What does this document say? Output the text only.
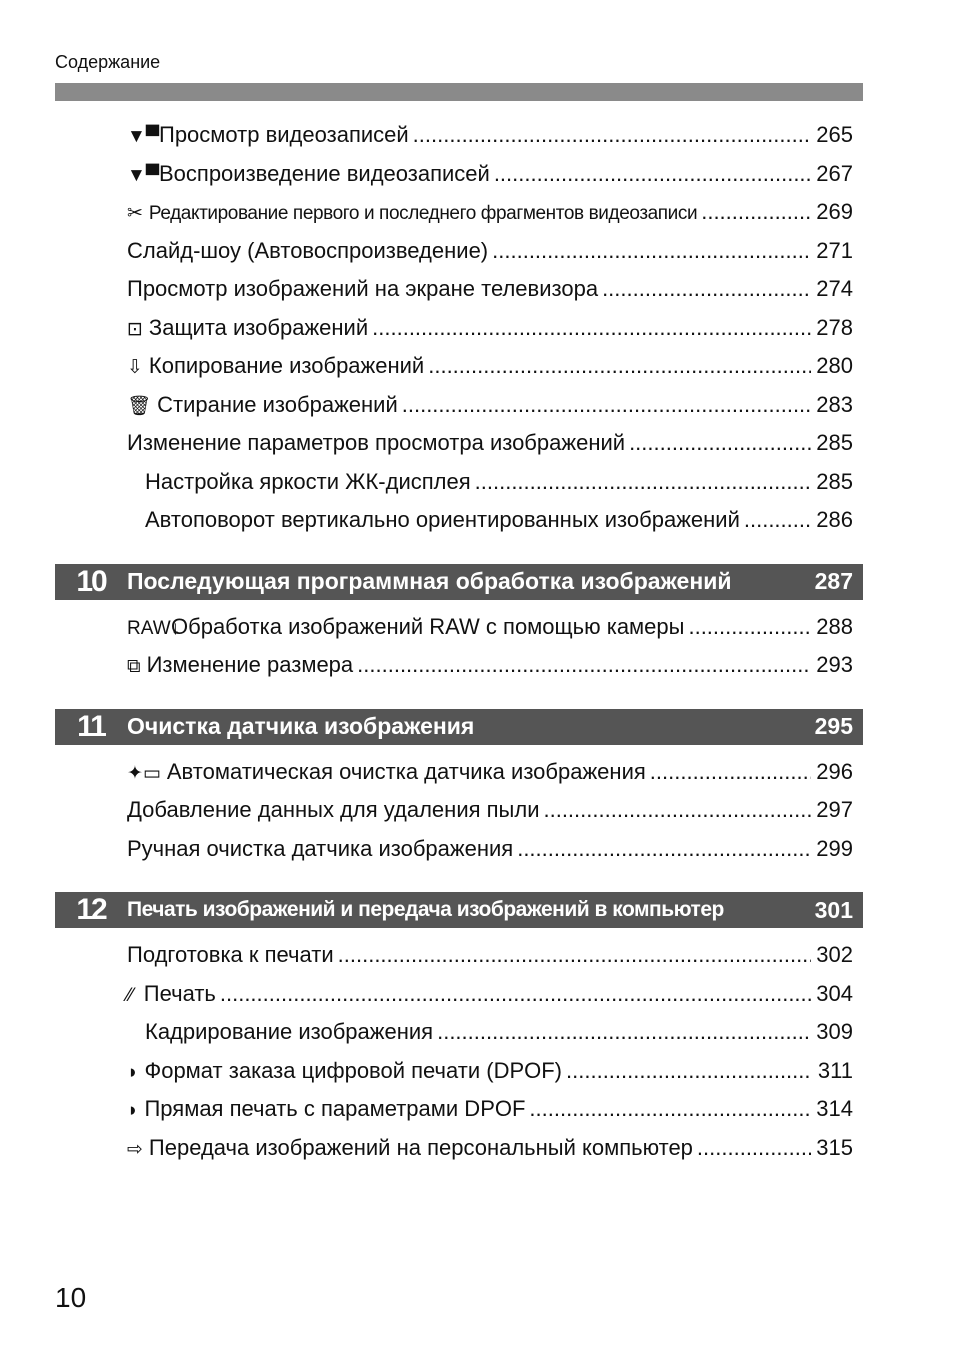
Содержание
▼▀ Просмотр видеозаписей .....	265
▼▀ Воспроизведение видеозаписей .....	267
✂ Редактирование первого и последнего фрагментов видеозаписи .....	269
Слайд-шоу (Автовоспроизведение) .....	271
Просмотр изображений на экране телевизора .....	274
⊡ Защита изображений .....	278
⇩ Копирование изображений .....	280
🗑 Стирание изображений .....	283
Изменение параметров просмотра изображений .....	285
Настройка яркости ЖК-дисплея .....	285
Автоповорот вертикально ориентированных изображений .....	286
10 Последующая программная обработка изображений	287
RAW↓
Обработка изображений RAW с помощью камеры .....	288
⧉ Изменение размера .....	293
11 Очистка датчика изображения	295
✦▭ Автоматическая очистка датчика изображения .....	296
Добавление данных для удаления пыли .....	297
Ручная очистка датчика изображения .....	299
12	Печать изображений и передача изображений в компьютер	301
Подготовка к печати .....	302
⁄⁄ Печать .....	304
Кадрирование изображения .....	309
◗ Формат заказа цифровой печати (DPOF) .....	311
◗ Прямая печать с параметрами DPOF .....	314
⇨ Передача изображений на персональный компьютер .....	315
10
